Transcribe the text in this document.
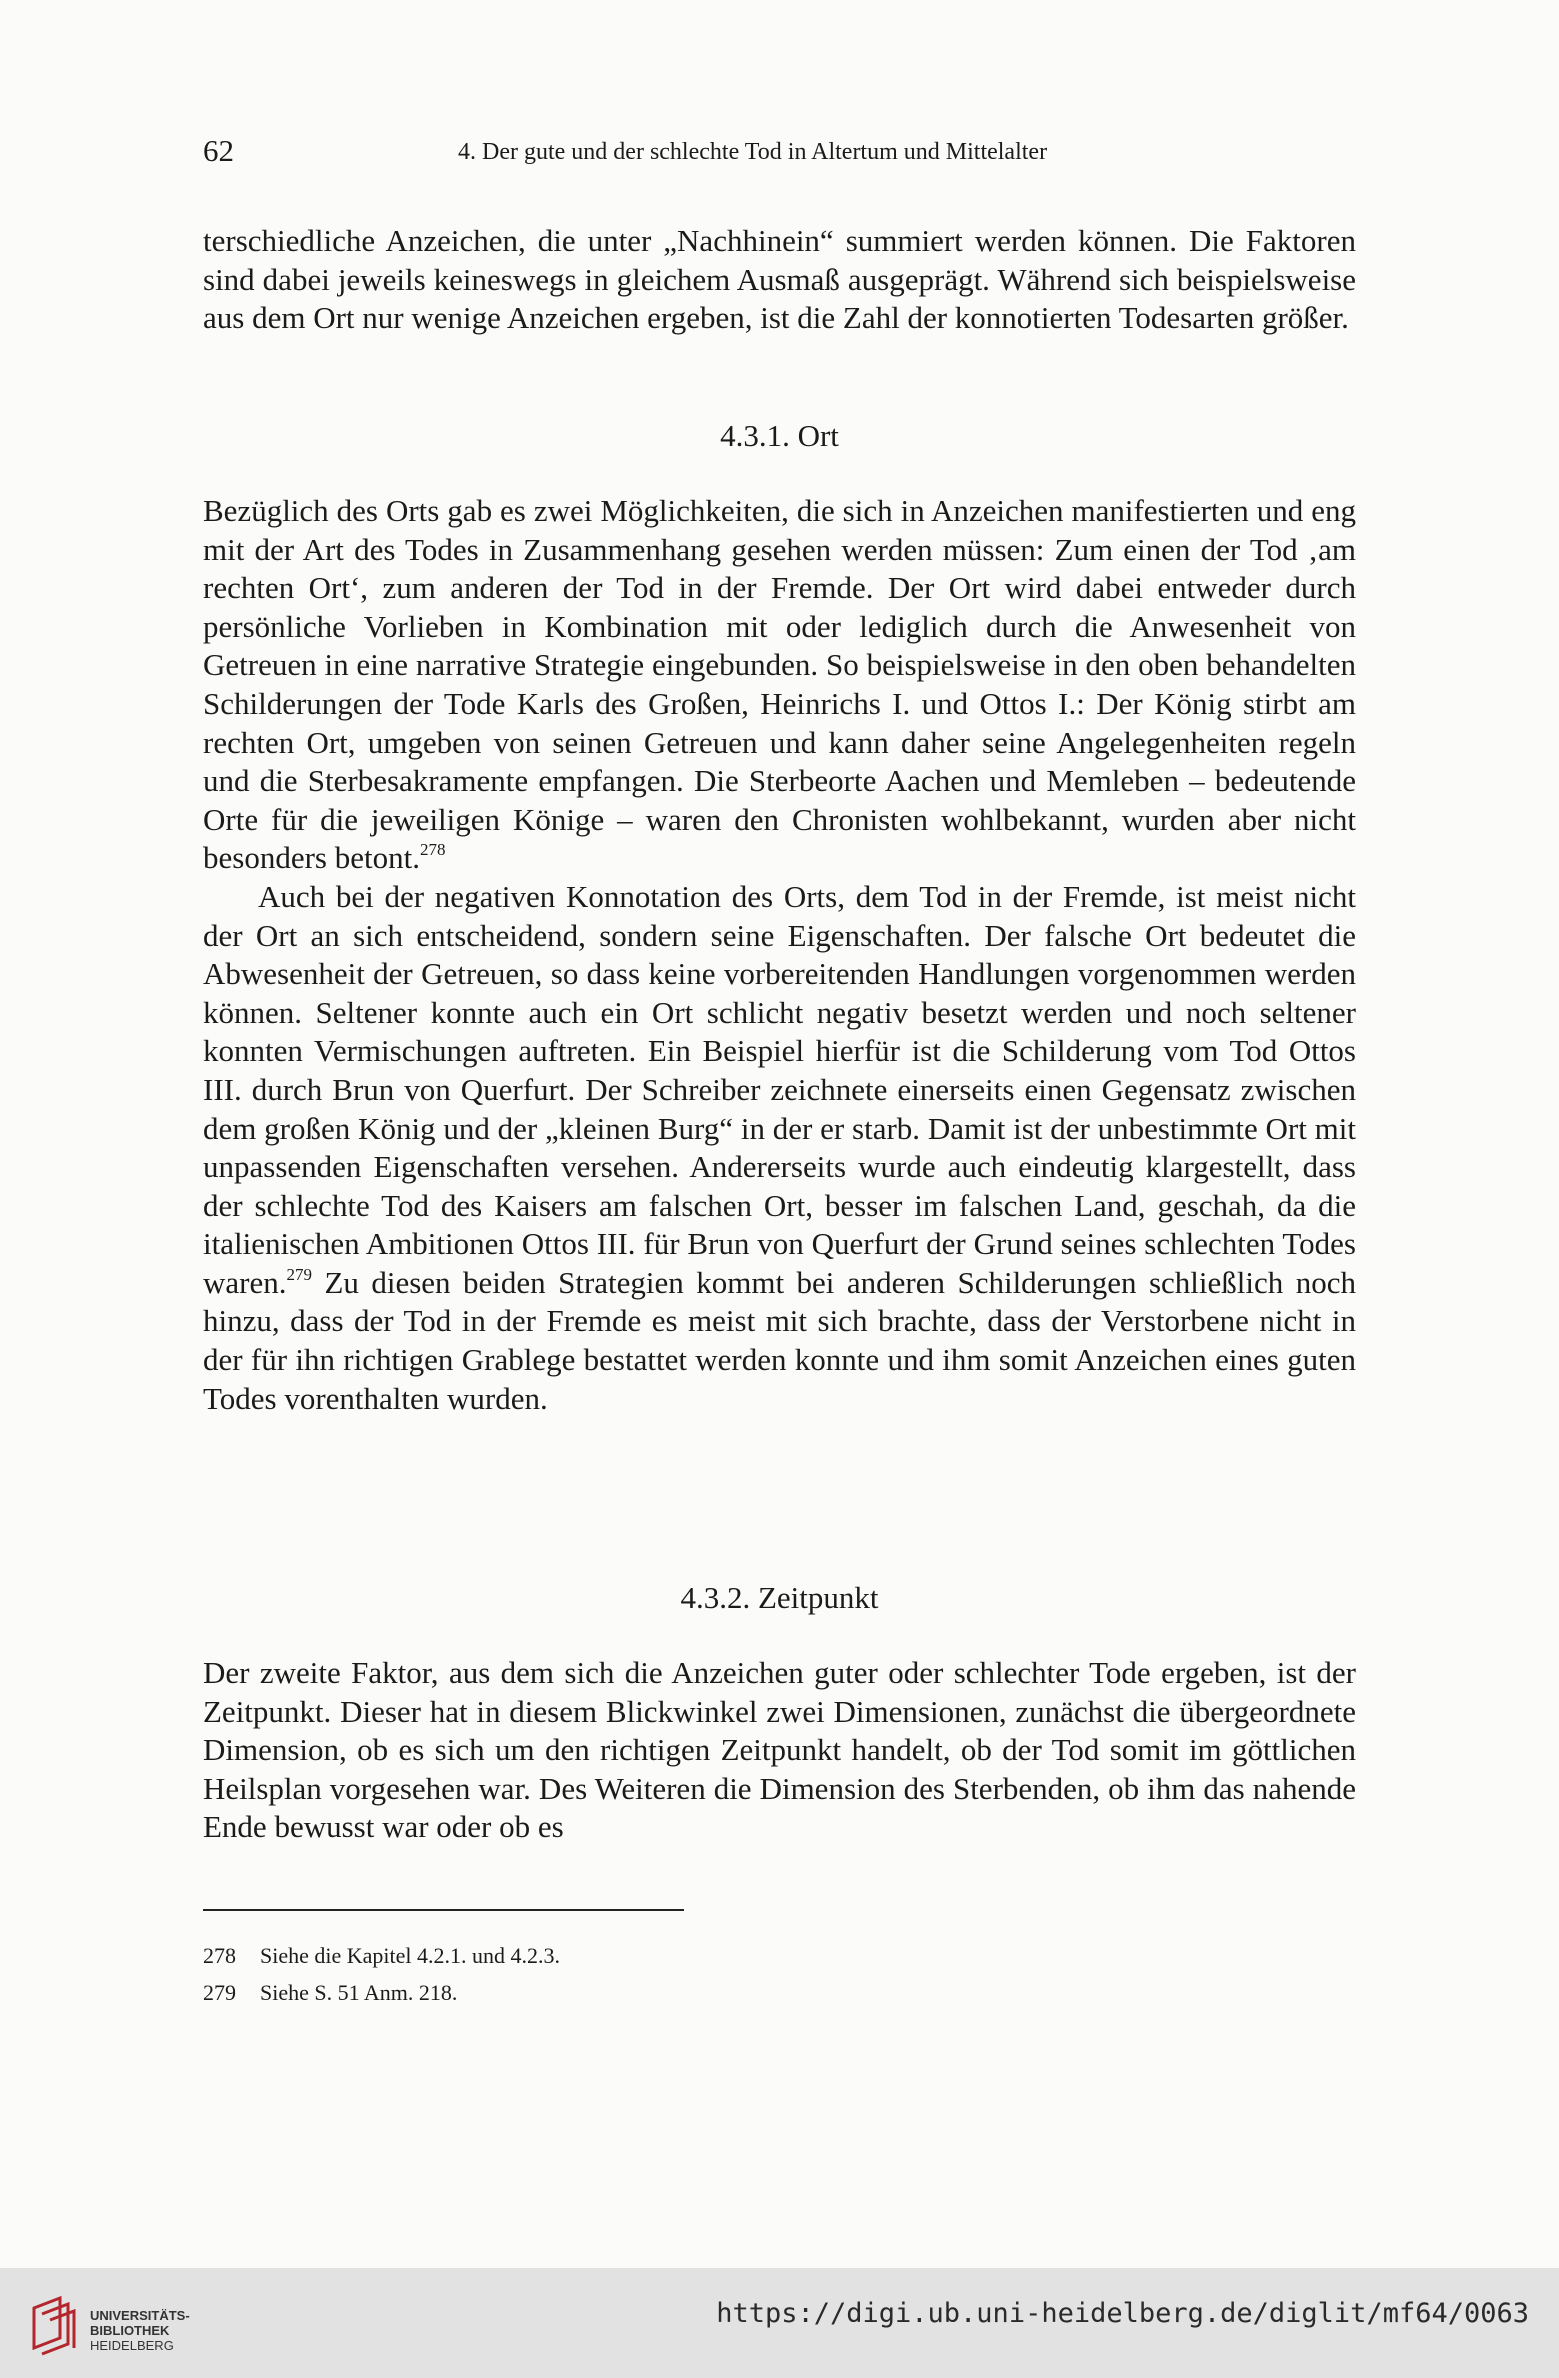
62	4. Der gute und der schlechte Tod in Altertum und Mittelalter

terschiedliche Anzeichen, die unter „Nachhinein“ summiert werden können. Die Faktoren sind dabei jeweils keineswegs in gleichem Ausmaß ausgeprägt. Während sich beispielsweise aus dem Ort nur wenige Anzeichen ergeben, ist die Zahl der konnotierten Todesarten größer.

4.3.1. Ort

Bezüglich des Orts gab es zwei Möglichkeiten, die sich in Anzeichen manifestierten und eng mit der Art des Todes in Zusammenhang gesehen werden müssen: Zum einen der Tod ‚am rechten Ort‘, zum anderen der Tod in der Fremde. Der Ort wird dabei entweder durch persönliche Vorlieben in Kombination mit oder lediglich durch die Anwesenheit von Getreuen in eine narrative Strategie eingebunden. So beispielsweise in den oben behandelten Schilderungen der Tode Karls des Großen, Heinrichs I. und Ottos I.: Der König stirbt am rechten Ort, umgeben von seinen Getreuen und kann daher seine Angelegenheiten regeln und die Sterbesakramente empfangen. Die Sterbeorte Aachen und Memleben – bedeutende Orte für die jeweiligen Könige – waren den Chronisten wohlbekannt, wurden aber nicht besonders betont.$^{278}$

Auch bei der negativen Konnotation des Orts, dem Tod in der Fremde, ist meist nicht der Ort an sich entscheidend, sondern seine Eigenschaften. Der falsche Ort bedeutet die Abwesenheit der Getreuen, so dass keine vorbereitenden Handlungen vorgenommen werden können. Seltener konnte auch ein Ort schlicht negativ besetzt werden und noch seltener konnten Vermischungen auftreten. Ein Beispiel hierfür ist die Schilderung vom Tod Ottos III. durch Brun von Querfurt. Der Schreiber zeichnete einerseits einen Gegensatz zwischen dem großen König und der „kleinen Burg“ in der er starb. Damit ist der unbestimmte Ort mit unpassenden Eigenschaften versehen. Andererseits wurde auch eindeutig klargestellt, dass der schlechte Tod des Kaisers am falschen Ort, besser im falschen Land, geschah, da die italienischen Ambitionen Ottos III. für Brun von Querfurt der Grund seines schlechten Todes waren.$^{279}$ Zu diesen beiden Strategien kommt bei anderen Schilderungen schließlich noch hinzu, dass der Tod in der Fremde es meist mit sich brachte, dass der Verstorbene nicht in der für ihn richtigen Grablege bestattet werden konnte und ihm somit Anzeichen eines guten Todes vorenthalten wurden.

4.3.2. Zeitpunkt

Der zweite Faktor, aus dem sich die Anzeichen guter oder schlechter Tode ergeben, ist der Zeitpunkt. Dieser hat in diesem Blickwinkel zwei Dimensionen, zunächst die übergeordnete Dimension, ob es sich um den richtigen Zeitpunkt handelt, ob der Tod somit im göttlichen Heilsplan vorgesehen war. Des Weiteren die Dimension des Sterbenden, ob ihm das nahende Ende bewusst war oder ob es

278	Siehe die Kapitel 4.2.1. und 4.2.3.
279	Siehe S. 51 Anm. 218.
UNIVERSITÄTS-
BIBLIOTHEK
HEIDELBERG
https://digi.ub.uni-heidelberg.de/diglit/mf64/0063
